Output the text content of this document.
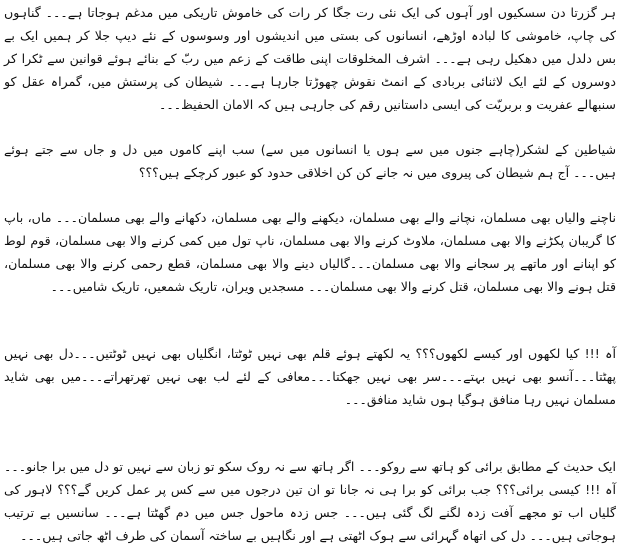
ہر گزرتا دن سسکیوں اور آہوں کی ایک نئی رت جگا کر رات کی خاموش تاریکی میں مدغم ہوجاتا ہے۔۔۔ گناہوں کی چاپ، خاموشی کا لبادہ اوڑھے، انسانوں کی بستی میں اندیشوں اور وسوسوں کے نئے دیپ جلا کر ہمیں ایک بے بس دلدل میں دھکیل رہی ہے۔۔۔ اشرف المخلوقات اپنی طاقت کے زعم میں ربّ کے بنائے ہوئے قوانین سے ٹکرا کر دوسروں کے لئے ایک لاثنائی بربادی کے انمٹ نقوش چھوڑتا جارہا ہے۔۔۔ شیطان کی پرستش میں، گمراہ عقل کو سنبھالے عفریت و بربریّت کی ایسی داستانیں رقم کی جارہی ہیں کہ الامان الحفیظ۔۔۔

شیاطین کے لشکر(چاہے جنوں میں سے ہوں یا انسانوں میں سے) سب اپنے کاموں میں دل و جاں سے جتے ہوئے ہیں۔۔۔ آج ہم شیطان کی پیروی میں نہ جانے کن کن اخلاقی حدود کو عبور کرچکے ہیں؟؟؟

ناچنے والیاں بھی مسلمان، نچانے والے بھی مسلمان، دیکھنے والے بھی مسلمان، دکھانے والے بھی مسلمان۔۔۔ ماں، باپ کا گریبان پکڑنے والا بھی مسلمان، ملاوٹ کرنے والا بھی مسلمان، ناپ تول میں کمی کرنے والا بھی مسلمان، قوم لوط کو اپنانے اور ماتھے پر سجانے والا بھی مسلمان۔۔۔گالیاں دینے والا بھی مسلمان، قطع رحمی کرنے والا بھی مسلمان، قتل ہونے والا بھی مسلمان، قتل کرنے والا بھی مسلمان۔۔۔ مسجدیں ویران، تاریک شمعیں، تاریک شامیں۔۔۔

آہ !!! کیا لکھوں اور کیسے لکھوں؟؟؟ یہ لکھتے ہوئے قلم بھی نہیں ٹوٹتا، انگلیاں بھی نہیں ٹوٹتیں۔۔۔دل بھی نہیں پھٹتا۔۔۔آنسو بھی نہیں بہتے۔۔۔سر بھی نہیں جھکتا۔۔۔معافی کے لئے لب بھی نہیں تھرتھراتے۔۔۔میں بھی شاید مسلمان نہیں رہا منافق ہوگیا ہوں شاید منافق۔۔۔

ایک حدیث کے مطابق برائی کو ہاتھ سے روکو۔۔۔ اگر ہاتھ سے نہ روک سکو تو زبان سے نہیں تو دل میں برا جانو۔۔۔ آہ !!! کیسی برائی؟؟؟ جب برائی کو برا ہی نہ جانا تو ان تین درجوں میں سے کس پر عمل کریں گے؟؟؟ لاہور کی گلیاں اب تو مجھے آفت زدہ لگنے لگ گئی ہیں۔۔۔ جس زدہ ماحول جس میں دم گھٹتا ہے۔۔۔ سانسیں بے ترتیب ہوجاتی ہیں۔۔۔ دل کی اتھاہ گہرائی سے ہوک اٹھتی ہے اور نگاہیں بے ساختہ آسمان کی طرف اٹھ جاتی ہیں۔۔۔
